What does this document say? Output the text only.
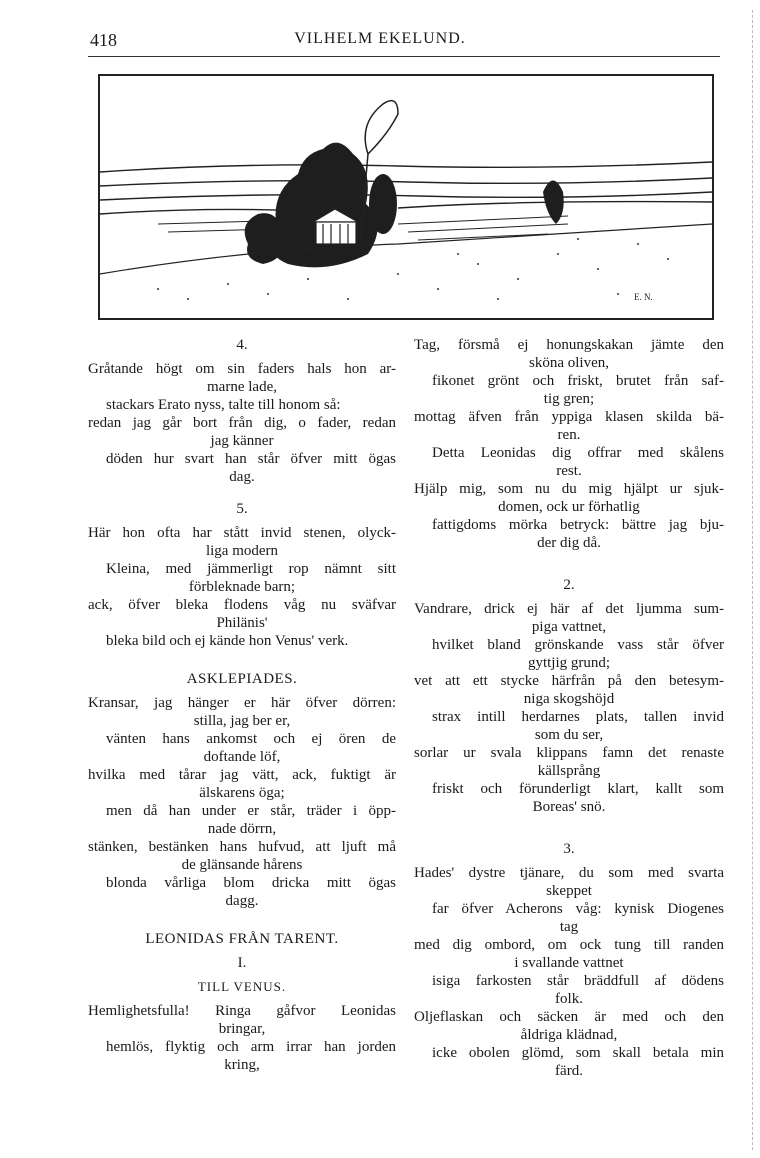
418	VILHELM EKELUND.
E. N.
4.
Gråtande högt om sin faders hals hon ar-
marne lade,
stackars Erato nyss, talte till honom så:
redan jag går bort från dig, o fader, redan
jag känner
döden hur svart han står öfver mitt ögas
dag.
5.
Här hon ofta har stått invid stenen, olyck-
liga modern
Kleina, med jämmerligt rop nämnt sitt
förbleknade barn;
ack, öfver bleka flodens våg nu sväfvar
Philänis'
bleka bild och ej kände hon Venus' verk.
ASKLEPIADES.
Kransar, jag hänger er här öfver dörren:
stilla, jag ber er,
vänten hans ankomst och ej ören de
doftande löf,
hvilka med tårar jag vätt, ack, fuktigt är
älskarens öga;
men då han under er står, träder i öpp-
nade dörrn,
stänken, bestänken hans hufvud, att ljuft må
de glänsande hårens
blonda vårliga blom dricka mitt ögas
dagg.
LEONIDAS FRÅN TARENT.
I.
TILL VENUS.
Hemlighetsfulla! Ringa gåfvor Leonidas
bringar,
hemlös, flyktig och arm irrar han jorden
kring,
Tag, försmå ej honungskakan jämte den
sköna oliven,
fikonet grönt och friskt, brutet från saf-
tig gren;
mottag äfven från yppiga klasen skilda bä-
ren.
Detta Leonidas dig offrar med skålens
rest.
Hjälp mig, som nu du mig hjälpt ur sjuk-
domen, ock ur förhatlig
fattigdoms mörka betryck: bättre jag bju-
der dig då.
2.
Vandrare, drick ej här af det ljumma sum-
piga vattnet,
hvilket bland grönskande vass står öfver
gyttjig grund;
vet att ett stycke härfrån på den betesym-
niga skogshöjd
strax intill herdarnes plats, tallen invid
som du ser,
sorlar ur svala klippans famn det renaste
källsprång
friskt och förunderligt klart, kallt som
Boreas' snö.
3.
Hades' dystre tjänare, du som med svarta
skeppet
far öfver Acherons våg: kynisk Diogenes
tag
med dig ombord, om ock tung till randen
i svallande vattnet
isiga farkosten står bräddfull af dödens
folk.
Oljeflaskan och säcken är med och den
åldriga klädnad,
icke obolen glömd, som skall betala min
färd.
